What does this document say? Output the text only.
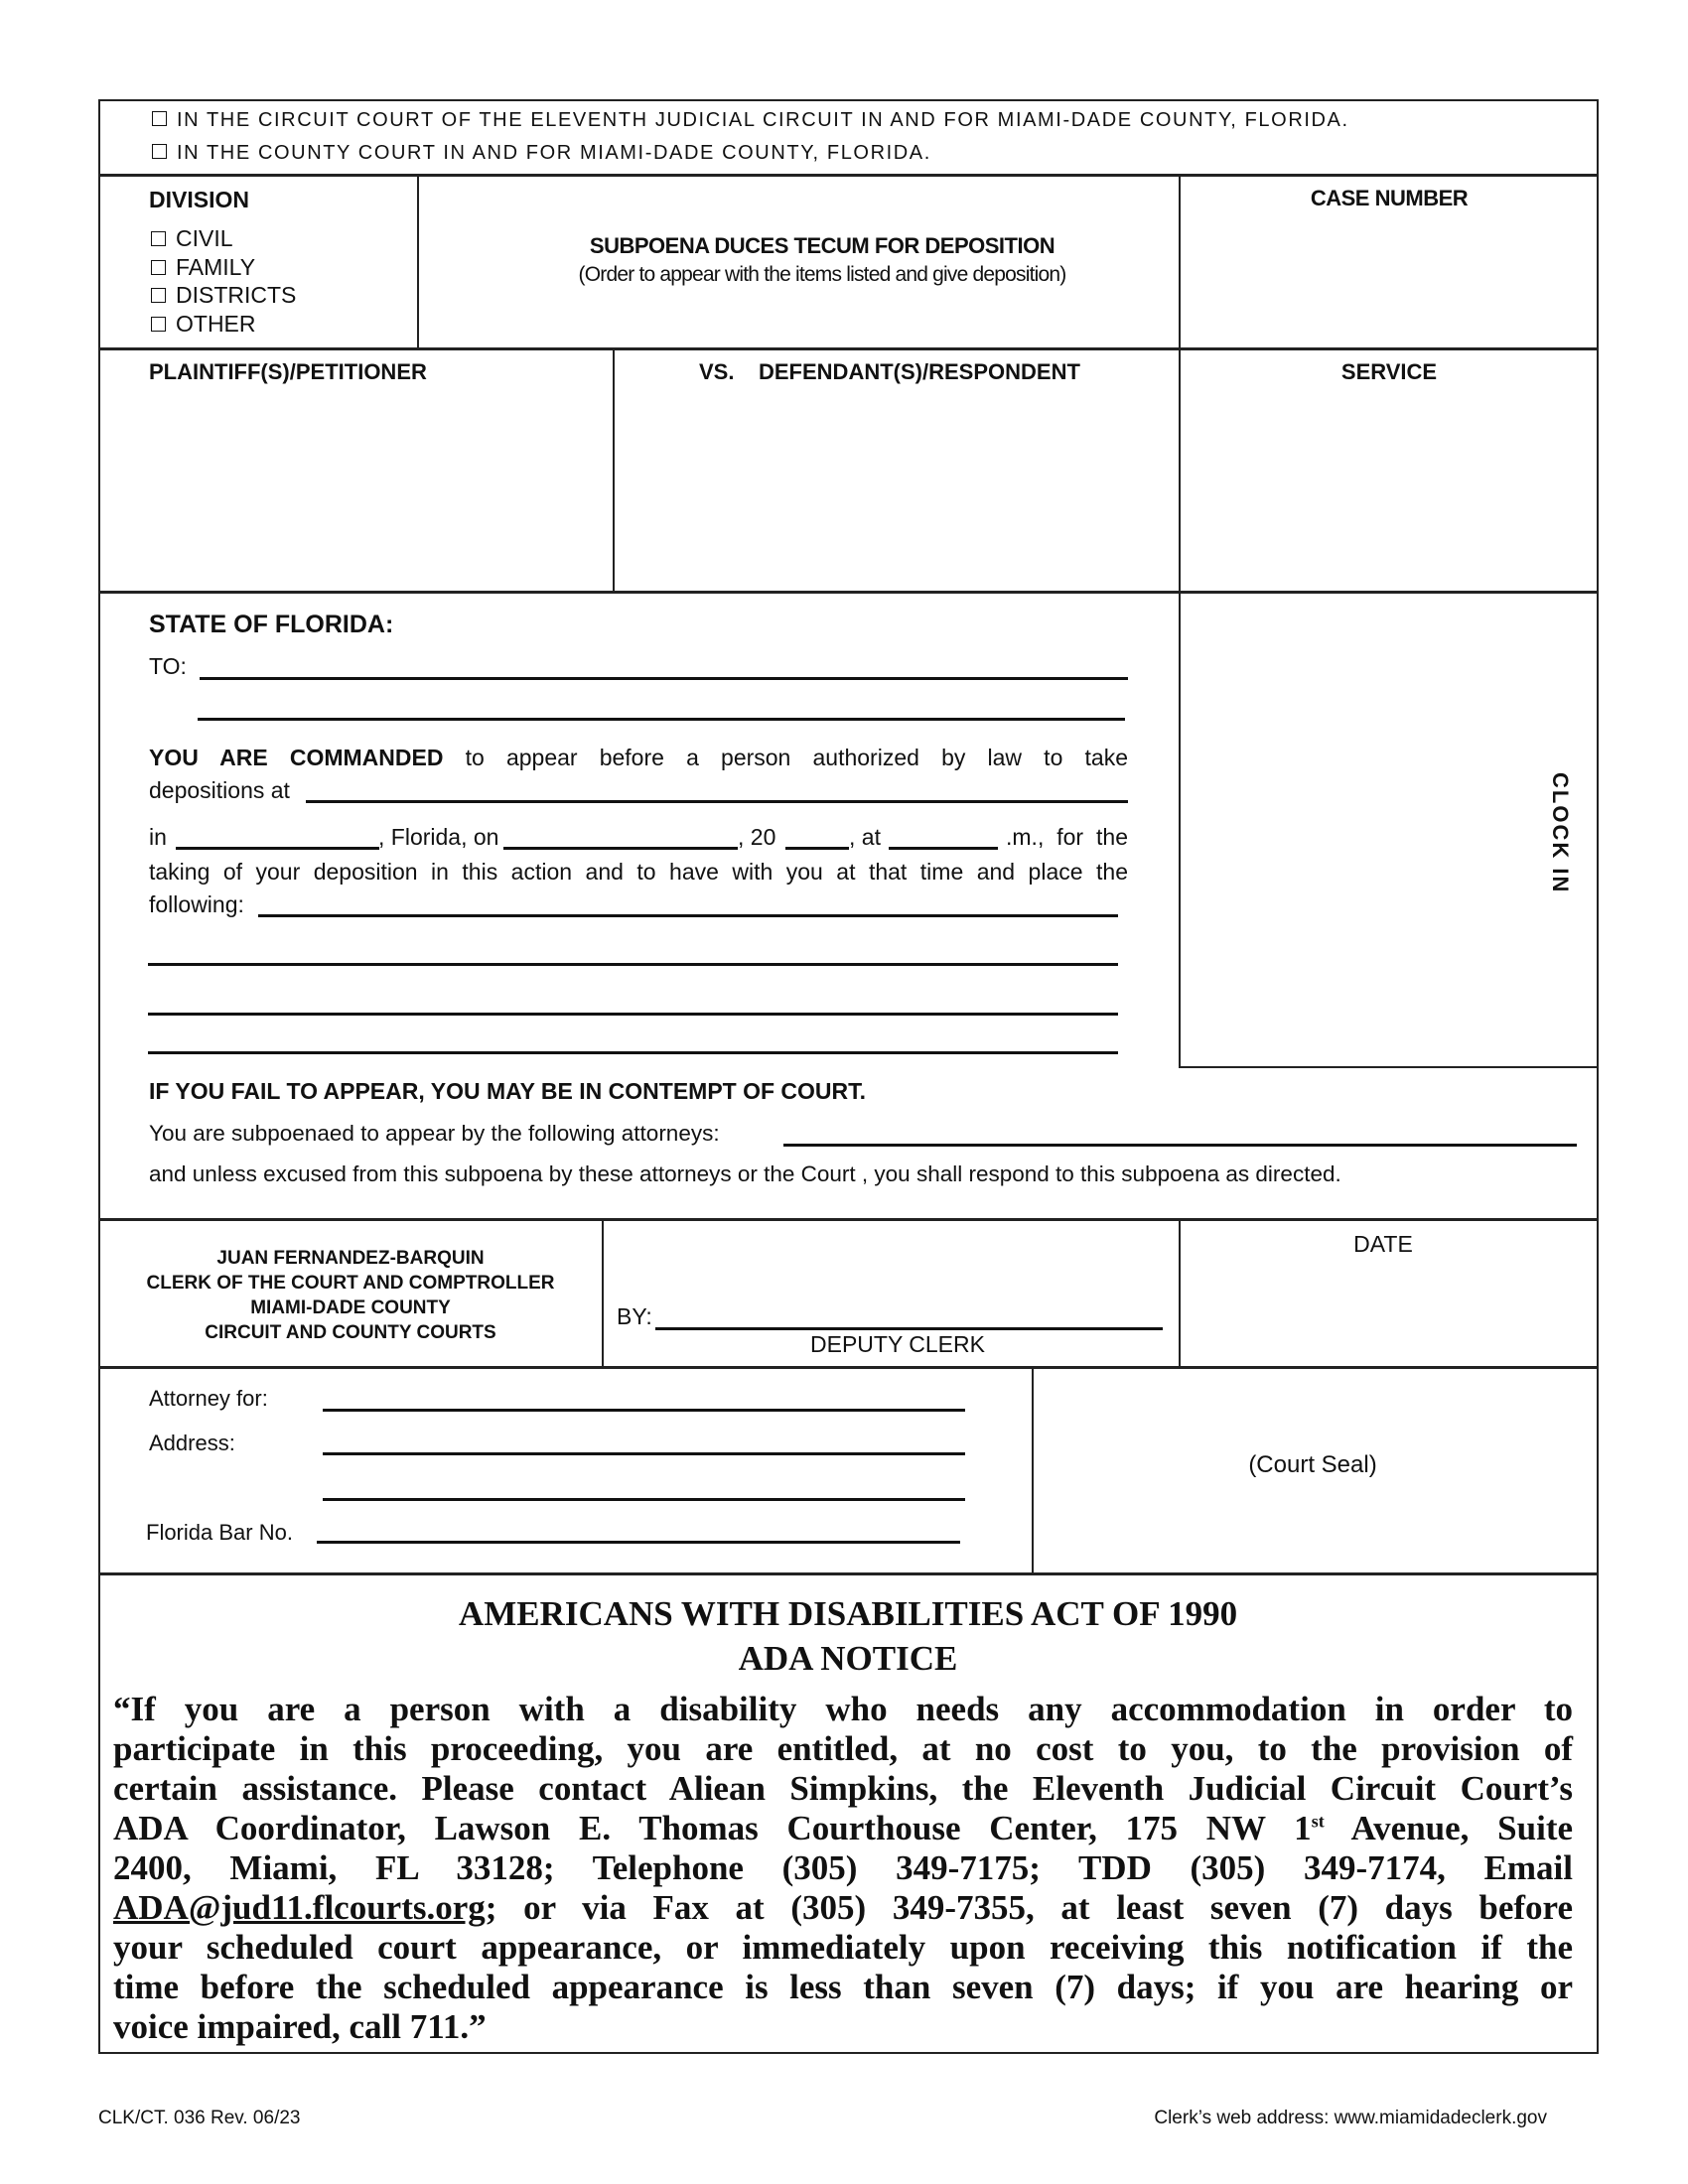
IN THE CIRCUIT COURT OF THE ELEVENTH JUDICIAL CIRCUIT IN AND FOR MIAMI-DADE COUNTY, FLORIDA.
IN THE COUNTY COURT IN AND FOR MIAMI-DADE COUNTY, FLORIDA.
DIVISION
CIVIL
FAMILY
DISTRICTS
OTHER
SUBPOENA DUCES TECUM FOR DEPOSITION
(Order to appear with the items listed and give deposition)
CASE NUMBER
PLAINTIFF(S)/PETITIONER	VS. DEFENDANT(S)/RESPONDENT	SERVICE
CLOCK IN
STATE OF FLORIDA:
TO:
YOU ARE COMMANDED to appear before a person authorized by law to take
depositions at
in	, Florida, on	, 20	, at	.m., for the
taking of your deposition in this action and to have with you at that time and place the
following:
IF YOU FAIL TO APPEAR, YOU MAY BE IN CONTEMPT OF COURT.
You are subpoenaed to appear by the following attorneys:
and unless excused from this subpoena by these attorneys or the Court , you shall respond to this subpoena as directed.
JUAN FERNANDEZ-BARQUIN
CLERK OF THE COURT AND COMPTROLLER
MIAMI-DADE COUNTY
CIRCUIT AND COUNTY COURTS
BY:
DEPUTY CLERK
DATE
Attorney for:
Address:
Florida Bar No.
(Court Seal)
AMERICANS WITH DISABILITIES ACT OF 1990
ADA NOTICE
“If you are a person with a disability who needs any accommodation in order to
participate in this proceeding, you are entitled, at no cost to you, to the provision of
certain assistance. Please contact Aliean Simpkins, the Eleventh Judicial Circuit Court’s
ADA Coordinator, Lawson E. Thomas Courthouse Center, 175 NW 1st Avenue, Suite
2400, Miami, FL 33128; Telephone (305) 349-7175; TDD (305) 349-7174, Email
ADA@jud11.flcourts.org; or via Fax at (305) 349-7355, at least seven (7) days before
your scheduled court appearance, or immediately upon receiving this notification if the
time before the scheduled appearance is less than seven (7) days; if you are hearing or
voice impaired, call 711.”
CLK/CT. 036 Rev. 06/23	Clerk’s web address: www.miamidadeclerk.gov
